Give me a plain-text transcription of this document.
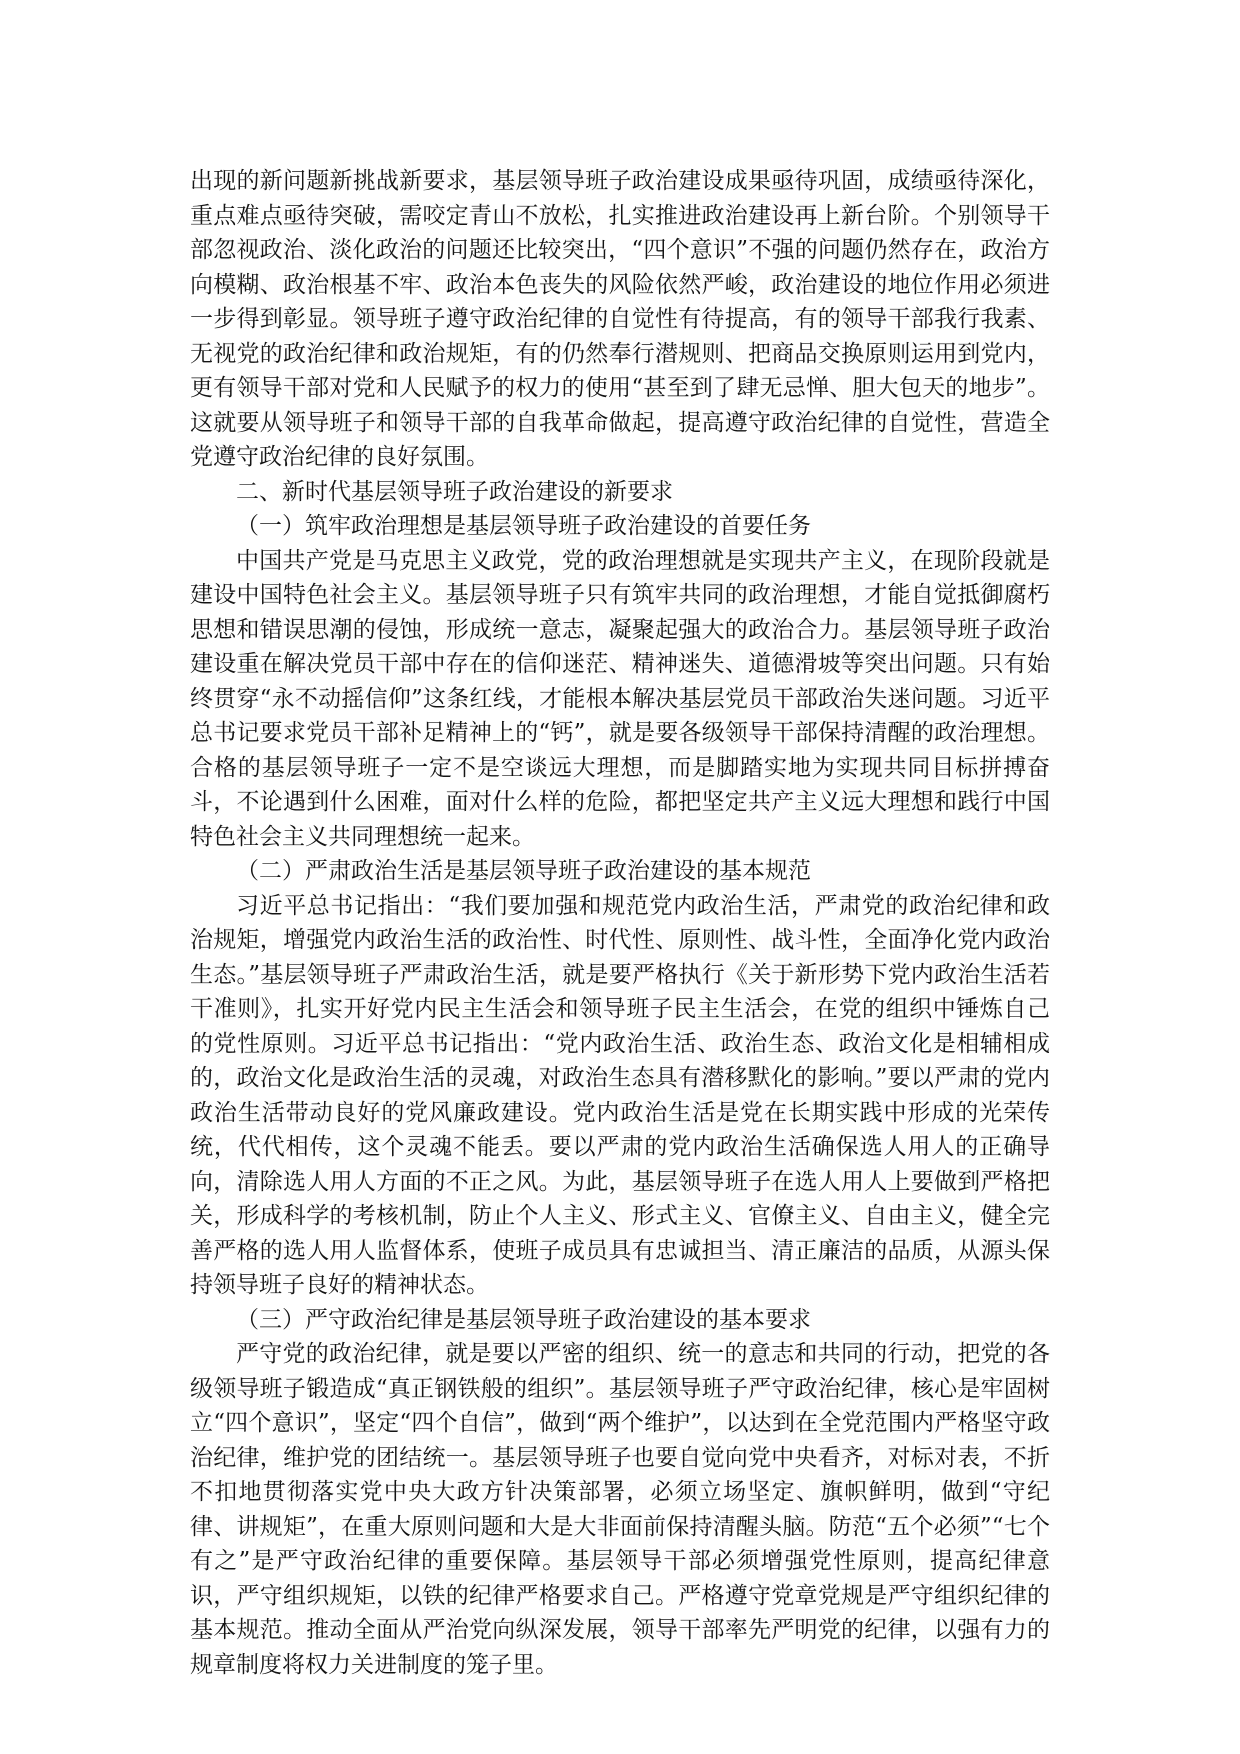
出现的新问题新挑战新要求，基层领导班子政治建设成果亟待巩固，成绩亟待深化，重点难点亟待突破，需咬定青山不放松，扎实推进政治建设再上新台阶。个别领导干部忽视政治、淡化政治的问题还比较突出，“四个意识”不强的问题仍然存在，政治方向模糊、政治根基不牢、政治本色丧失的风险依然严峻，政治建设的地位作用必须进一步得到彰显。领导班子遵守政治纪律的自觉性有待提高，有的领导干部我行我素、无视党的政治纪律和政治规矩，有的仍然奉行潜规则、把商品交换原则运用到党内，更有领导干部对党和人民赋予的权力的使用“甚至到了肆无忌惮、胆大包天的地步”。这就要从领导班子和领导干部的自我革命做起，提高遵守政治纪律的自觉性，营造全党遵守政治纪律的良好氛围。

二、新时代基层领导班子政治建设的新要求

（一）筑牢政治理想是基层领导班子政治建设的首要任务

中国共产党是马克思主义政党，党的政治理想就是实现共产主义，在现阶段就是建设中国特色社会主义。基层领导班子只有筑牢共同的政治理想，才能自觉抵御腐朽思想和错误思潮的侵蚀，形成统一意志，凝聚起强大的政治合力。基层领导班子政治建设重在解决党员干部中存在的信仰迷茫、精神迷失、道德滑坡等突出问题。只有始终贯穿“永不动摇信仰”这条红线，才能根本解决基层党员干部政治失迷问题。习近平总书记要求党员干部补足精神上的“钙”，就是要各级领导干部保持清醒的政治理想。合格的基层领导班子一定不是空谈远大理想，而是脚踏实地为实现共同目标拼搏奋斗，不论遇到什么困难，面对什么样的危险，都把坚定共产主义远大理想和践行中国特色社会主义共同理想统一起来。

（二）严肃政治生活是基层领导班子政治建设的基本规范

习近平总书记指出：“我们要加强和规范党内政治生活，严肃党的政治纪律和政治规矩，增强党内政治生活的政治性、时代性、原则性、战斗性，全面净化党内政治生态。”基层领导班子严肃政治生活，就是要严格执行《关于新形势下党内政治生活若干准则》，扎实开好党内民主生活会和领导班子民主生活会，在党的组织中锤炼自己的党性原则。习近平总书记指出：“党内政治生活、政治生态、政治文化是相辅相成的，政治文化是政治生活的灵魂，对政治生态具有潜移默化的影响。”要以严肃的党内政治生活带动良好的党风廉政建设。党内政治生活是党在长期实践中形成的光荣传统，代代相传，这个灵魂不能丢。要以严肃的党内政治生活确保选人用人的正确导向，清除选人用人方面的不正之风。为此，基层领导班子在选人用人上要做到严格把关，形成科学的考核机制，防止个人主义、形式主义、官僚主义、自由主义，健全完善严格的选人用人监督体系，使班子成员具有忠诚担当、清正廉洁的品质，从源头保持领导班子良好的精神状态。

（三）严守政治纪律是基层领导班子政治建设的基本要求

严守党的政治纪律，就是要以严密的组织、统一的意志和共同的行动，把党的各级领导班子锻造成“真正钢铁般的组织”。基层领导班子严守政治纪律，核心是牢固树立“四个意识”，坚定“四个自信”，做到“两个维护”，以达到在全党范围内严格坚守政治纪律，维护党的团结统一。基层领导班子也要自觉向党中央看齐，对标对表，不折不扣地贯彻落实党中央大政方针决策部署，必须立场坚定、旗帜鲜明，做到“守纪律、讲规矩”，在重大原则问题和大是大非面前保持清醒头脑。防范“五个必须”“七个有之”是严守政治纪律的重要保障。基层领导干部必须增强党性原则，提高纪律意识，严守组织规矩，以铁的纪律严格要求自己。严格遵守党章党规是严守组织纪律的基本规范。推动全面从严治党向纵深发展，领导干部率先严明党的纪律，以强有力的规章制度将权力关进制度的笼子里。
